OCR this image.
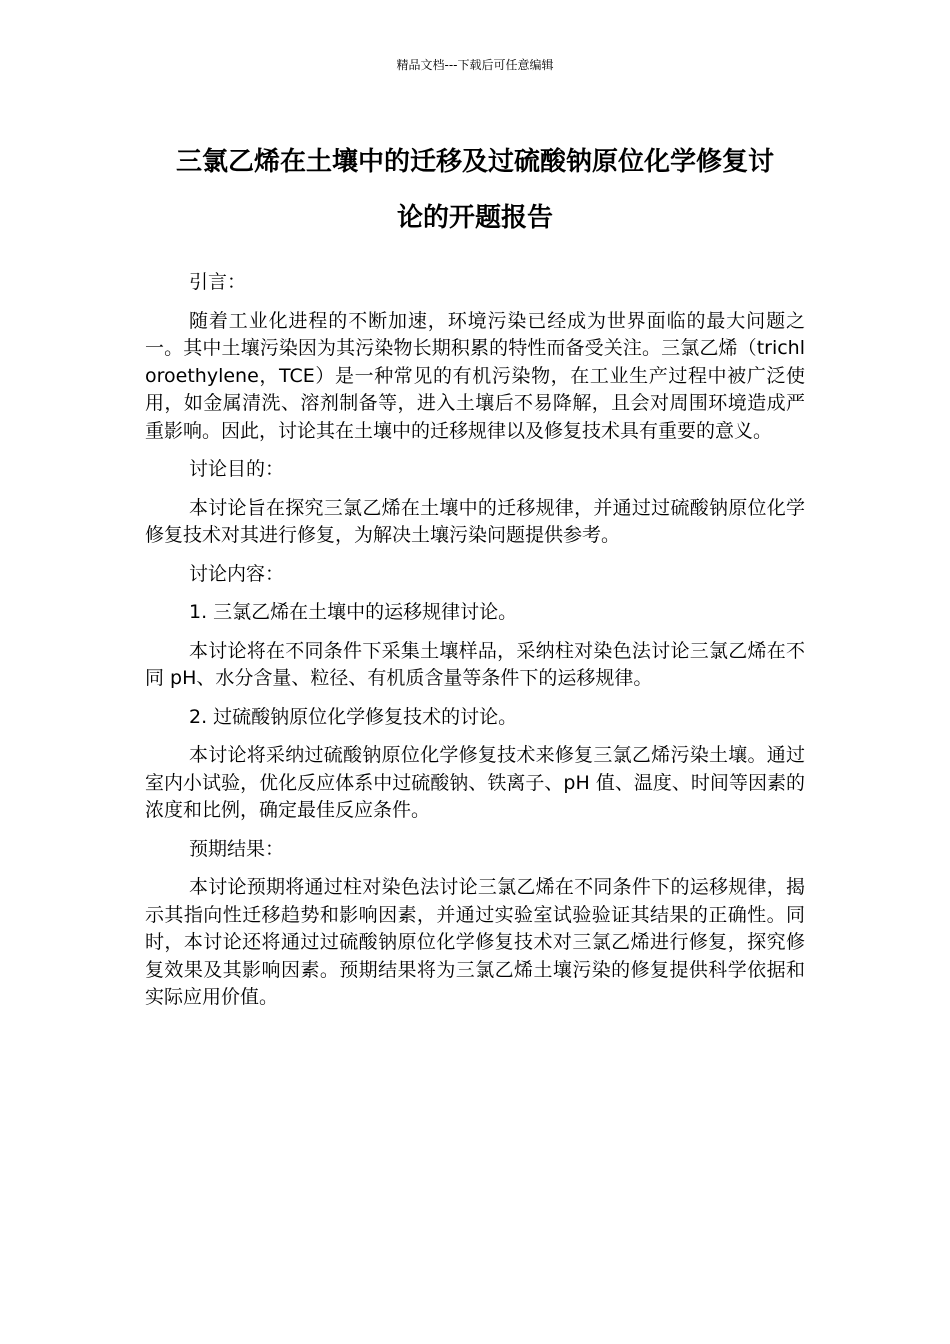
精品文档---下载后可任意编辑
三氯乙烯在土壤中的迁移及过硫酸钠原位化学修复讨
论的开题报告

引言：

随着工业化进程的不断加速，环境污染已经成为世界面临的最大问题之一。其中土壤污染因为其污染物长期积累的特性而备受关注。三氯乙烯（trichloroethylene，TCE）是一种常见的有机污染物，在工业生产过程中被广泛使用，如金属清洗、溶剂制备等，进入土壤后不易降解，且会对周围环境造成严重影响。因此，讨论其在土壤中的迁移规律以及修复技术具有重要的意义。

讨论目的：

本讨论旨在探究三氯乙烯在土壤中的迁移规律，并通过过硫酸钠原位化学修复技术对其进行修复，为解决土壤污染问题提供参考。

讨论内容：

1. 三氯乙烯在土壤中的运移规律讨论。

本讨论将在不同条件下采集土壤样品，采纳柱对染色法讨论三氯乙烯在不同 pH、水分含量、粒径、有机质含量等条件下的运移规律。

2. 过硫酸钠原位化学修复技术的讨论。

本讨论将采纳过硫酸钠原位化学修复技术来修复三氯乙烯污染土壤。通过室内小试验，优化反应体系中过硫酸钠、铁离子、pH 值、温度、时间等因素的浓度和比例，确定最佳反应条件。

预期结果：

本讨论预期将通过柱对染色法讨论三氯乙烯在不同条件下的运移规律，揭示其指向性迁移趋势和影响因素，并通过实验室试验验证其结果的正确性。同时，本讨论还将通过过硫酸钠原位化学修复技术对三氯乙烯进行修复，探究修复效果及其影响因素。预期结果将为三氯乙烯土壤污染的修复提供科学依据和实际应用价值。
